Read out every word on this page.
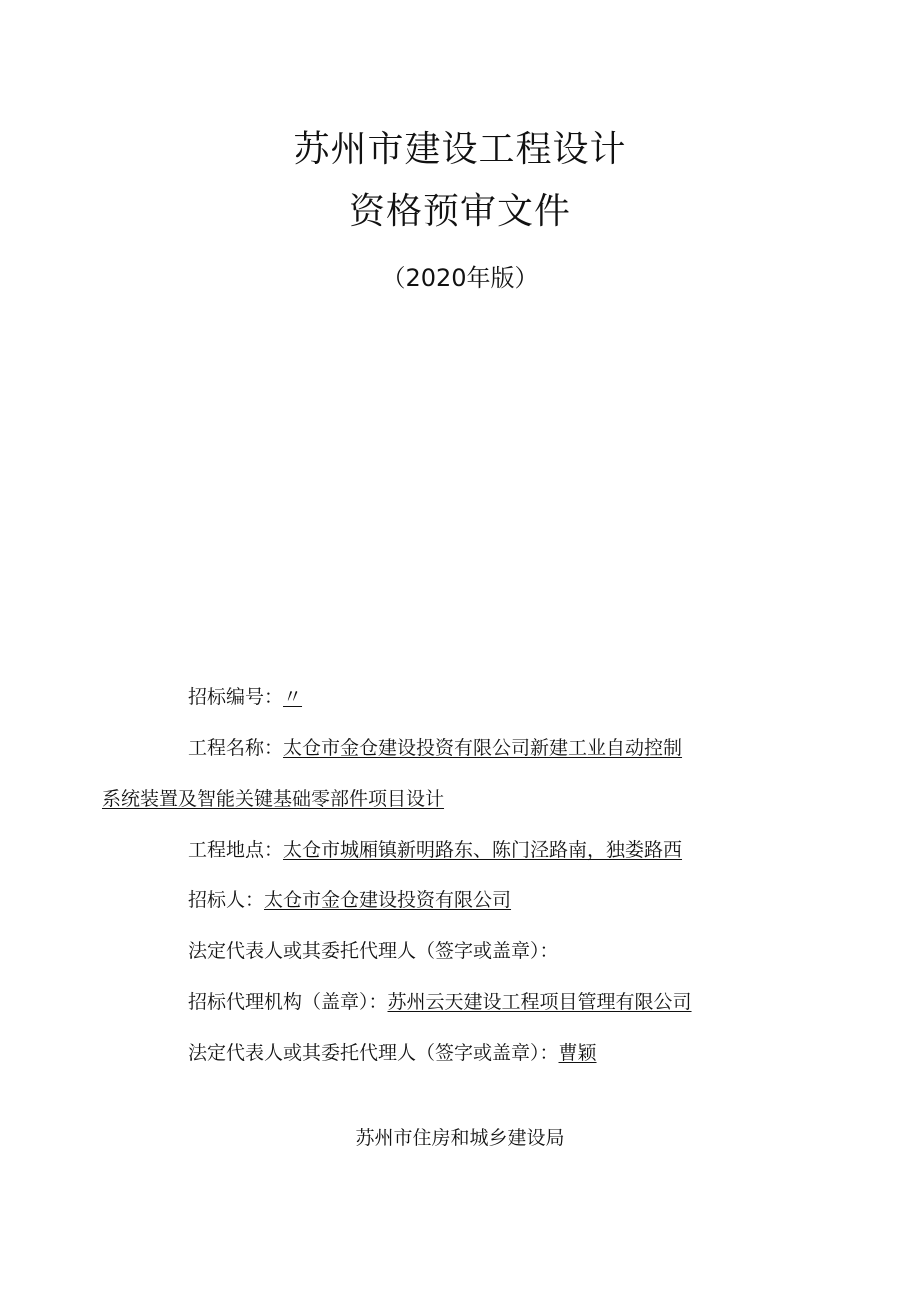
苏州市建设工程设计
资格预审文件
（2020年版）
招标编号：〃
工程名称：太仓市金仓建设投资有限公司新建工业自动控制
系统装置及智能关键基础零部件项目设计
工程地点：太仓市城厢镇新明路东、陈门泾路南，独娄路西
招标人：太仓市金仓建设投资有限公司
法定代表人或其委托代理人（签字或盖章）：
招标代理机构（盖章）：苏州云天建设工程项目管理有限公司
法定代表人或其委托代理人（签字或盖章）：曹颖
苏州市住房和城乡建设局
